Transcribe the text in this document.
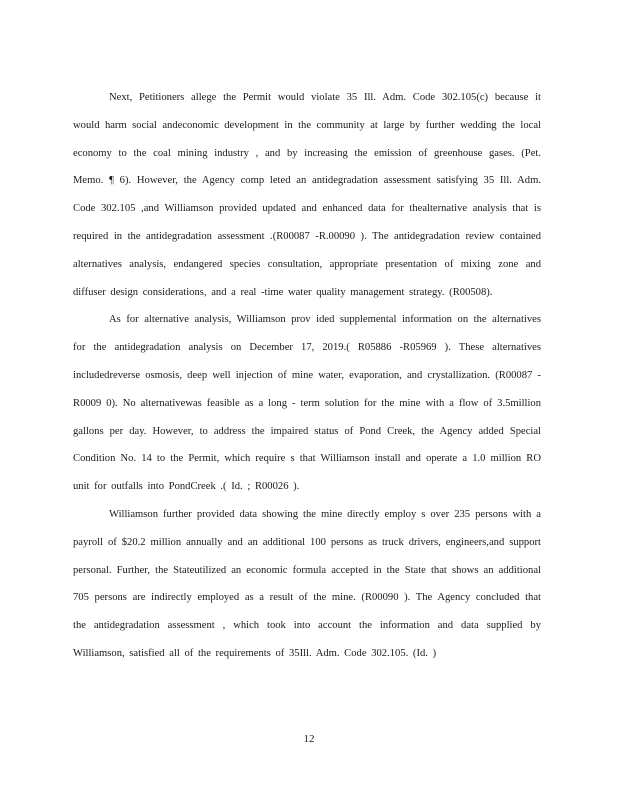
Next, Petitioners allege the Permit would violate 35 Ill. Adm. Code 302.105(c) because it would harm social andeconomic development in the community at large by further wedding the local economy to the coal mining industry , and by increasing the emission of greenhouse gases. (Pet. Memo. ¶ 6). However, the Agency comp leted an antidegradation assessment satisfying 35 Ill. Adm. Code 302.105 ,and Williamson provided updated and enhanced data for thealternative analysis that is required in the antidegradation assessment .(R00087 -R.00090 ). The antidegradation review contained alternatives analysis, endangered species consultation, appropriate presentation of mixing zone and diffuser design considerations, and a real -time water quality management strategy. (R00508).

As for alternative analysis, Williamson prov ided supplemental information on the alternatives for the antidegradation analysis on December 17, 2019.( R05886 -R05969 ). These alternatives includedreverse osmosis, deep well injection of mine water, evaporation, and crystallization. (R00087 -R0009 0). No alternativewas feasible as a long - term solution for the mine with a flow of 3.5million gallons per day. However, to address the impaired status of Pond Creek, the Agency added Special Condition No. 14 to the Permit, which require s that Williamson install and operate a 1.0 million RO unit for outfalls into PondCreek .( Id. ; R00026 ).

Williamson further provided data showing the mine directly employ s over 235 persons with a payroll of $20.2 million annually and an additional 100 persons as truck drivers, engineers,and support personal. Further, the Stateutilized an economic formula accepted in the State that shows an additional 705 persons are indirectly employed as a result of the mine. (R00090 ). The Agency concluded that the antidegradation assessment , which took into account the information and data supplied by Williamson, satisfied all of the requirements of 35Ill. Adm. Code 302.105. (Id. )

12
